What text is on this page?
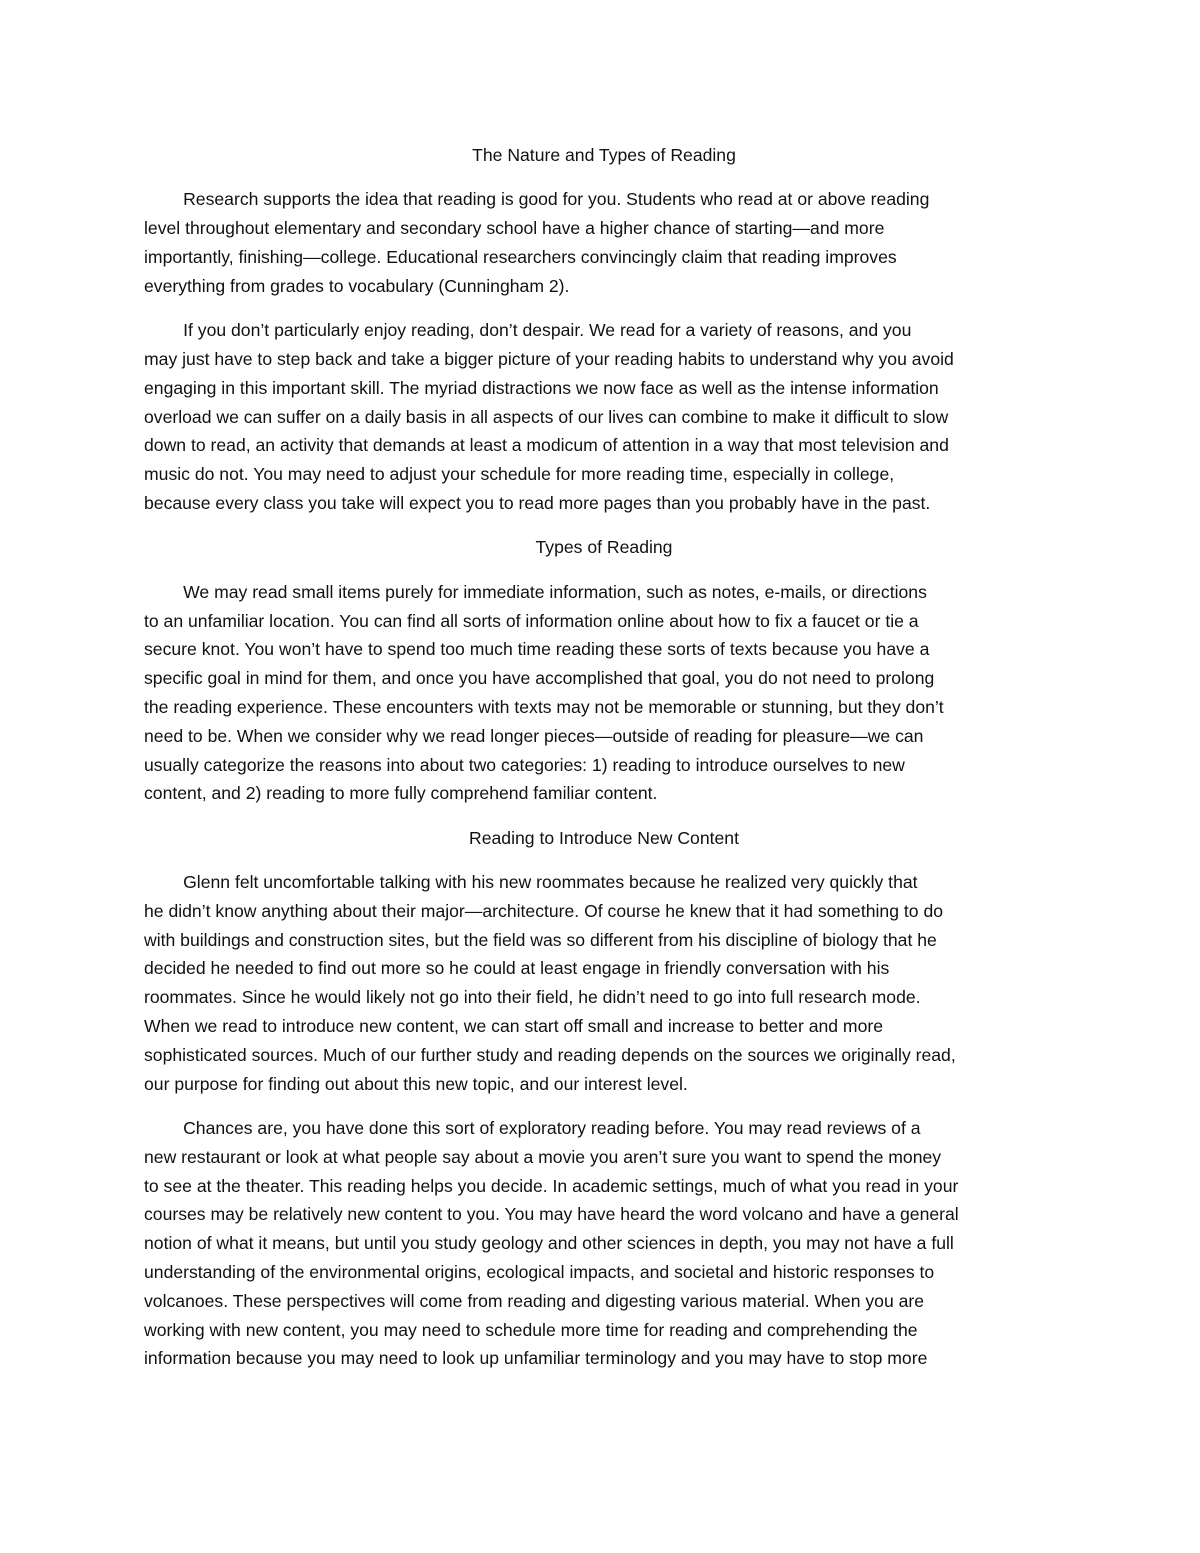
The Nature and Types of Reading
Research supports the idea that reading is good for you. Students who read at or above reading
level throughout elementary and secondary school have a higher chance of starting—and more
importantly, finishing—college. Educational researchers convincingly claim that reading improves
everything from grades to vocabulary (Cunningham 2).
If you don’t particularly enjoy reading, don’t despair. We read for a variety of reasons, and you
may just have to step back and take a bigger picture of your reading habits to understand why you avoid
engaging in this important skill. The myriad distractions we now face as well as the intense information
overload we can suffer on a daily basis in all aspects of our lives can combine to make it difficult to slow
down to read, an activity that demands at least a modicum of attention in a way that most television and
music do not. You may need to adjust your schedule for more reading time, especially in college,
because every class you take will expect you to read more pages than you probably have in the past.
Types of Reading
We may read small items purely for immediate information, such as notes, e-mails, or directions
to an unfamiliar location. You can find all sorts of information online about how to fix a faucet or tie a
secure knot. You won’t have to spend too much time reading these sorts of texts because you have a
specific goal in mind for them, and once you have accomplished that goal, you do not need to prolong
the reading experience. These encounters with texts may not be memorable or stunning, but they don’t
need to be. When we consider why we read longer pieces—outside of reading for pleasure—we can
usually categorize the reasons into about two categories: 1) reading to introduce ourselves to new
content, and 2) reading to more fully comprehend familiar content.
Reading to Introduce New Content
Glenn felt uncomfortable talking with his new roommates because he realized very quickly that
he didn’t know anything about their major—architecture. Of course he knew that it had something to do
with buildings and construction sites, but the field was so different from his discipline of biology that he
decided he needed to find out more so he could at least engage in friendly conversation with his
roommates. Since he would likely not go into their field, he didn’t need to go into full research mode.
When we read to introduce new content, we can start off small and increase to better and more
sophisticated sources. Much of our further study and reading depends on the sources we originally read,
our purpose for finding out about this new topic, and our interest level.
Chances are, you have done this sort of exploratory reading before. You may read reviews of a
new restaurant or look at what people say about a movie you aren’t sure you want to spend the money
to see at the theater. This reading helps you decide. In academic settings, much of what you read in your
courses may be relatively new content to you. You may have heard the word volcano and have a general
notion of what it means, but until you study geology and other sciences in depth, you may not have a full
understanding of the environmental origins, ecological impacts, and societal and historic responses to
volcanoes. These perspectives will come from reading and digesting various material. When you are
working with new content, you may need to schedule more time for reading and comprehending the
information because you may need to look up unfamiliar terminology and you may have to stop more
